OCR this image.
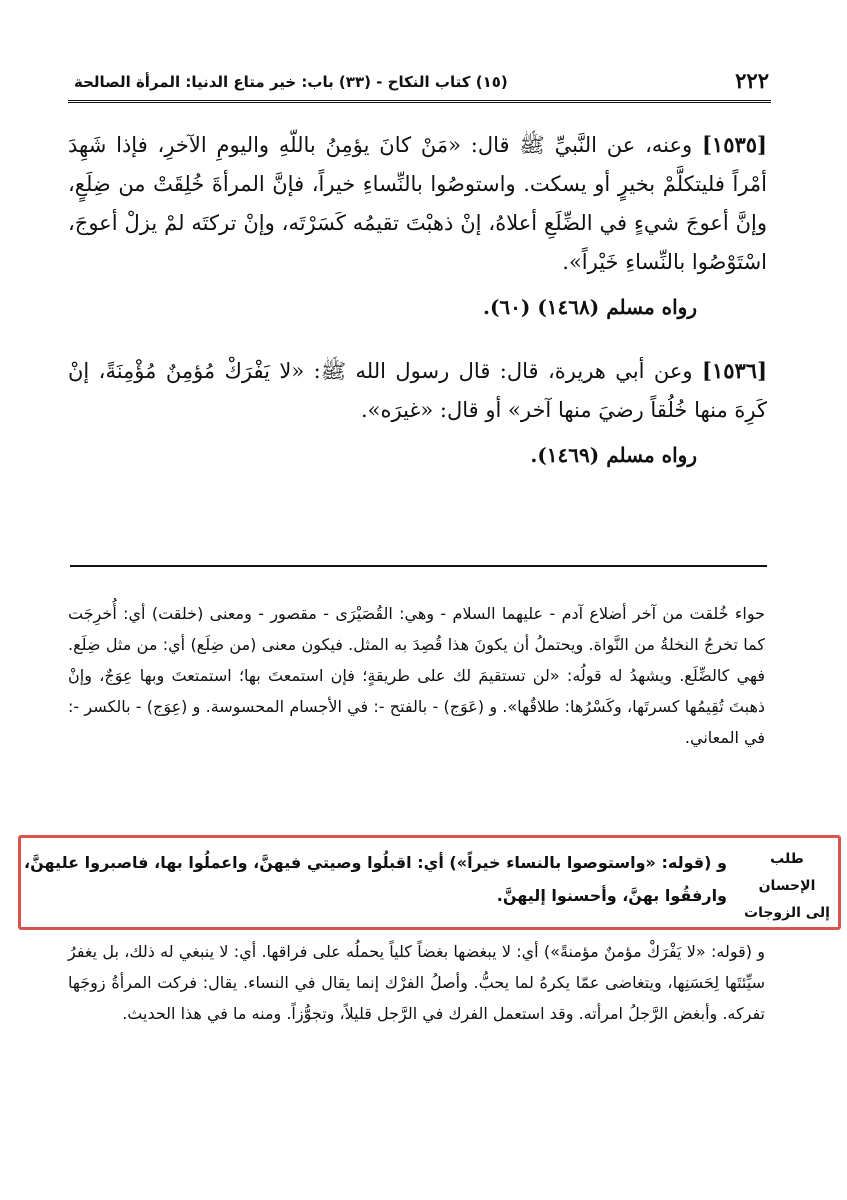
٢٢٢
(١٥) كتاب النكاح - (٣٣) باب: خير متاع الدنيا: المرأة الصالحة

[١٥٣٥] وعنه، عن النَّبيِّ ﷺ قال: «مَنْ كانَ يؤمِنُ باللّهِ واليومِ الآخرِ، فإذا شَهِدَ أمْراً فليتكلَّمْ بخيرٍ أو يسكت. واستوصُوا بالنِّساءِ خيراً، فإنَّ المرأةَ خُلِقَتْ من ضِلَعٍ، وإنَّ أعوجَ شيءٍ في الضِّلَعِ أعلاهُ، إنْ ذهبْتَ تقيمُه كَسَرْتَه، وإنْ تركتَه لمْ يزلْ أعوجَ، اسْتَوْصُوا بالنِّساءِ خَيْراً».

رواه مسلم (١٤٦٨) (٦٠).

[١٥٣٦] وعن أبي هريرة، قال: قال رسول الله ﷺ: «لا يَفْرَكْ مُؤمِنٌ مُؤْمِنَةً، إنْ كَرِهَ منها خُلُقاً رضيَ منها آخر» أو قال: «غيرَه».

رواه مسلم (١٤٦٩).

حواء خُلقت من آخر أضلاع آدم - عليهما السلام - وهي: القُصَيْرَى - مقصور - ومعنى (خلقت) أي: أُخرِجَت كما تخرجُ النخلةُ من النَّواة. ويحتملُ أن يكونَ هذا قُصِدَ به المثل. فيكون معنى (من ضِلَع) أي: من مثل ضِلَع. فهي كالضِّلَع. ويشهدُ له قولُه: «لن تستقيمَ لك على طريقةٍ؛ فإن استمعتَ بها؛ استمتعتَ وبها عِوَجٌ، وإنْ ذهبتَ تُقِيمُها كسرتَها، وكَسْرُها: طلاقُها». و (عَوَج) - بالفتح -: في الأجسام المحسوسة. و (عِوَج) - بالكسر -: في المعاني.

طلب الإحسان
إلى الزوجات
و (قوله: «واستوصوا بالنساء خيراً») أي: اقبلُوا وصيتي فيهنَّ، واعملُوا بها، فاصبروا عليهنَّ، وارفقُوا بهنَّ، وأحسنوا إليهنَّ.

و (قوله: «لا يَفْرَكْ مؤمنٌ مؤمنةً») أي: لا يبغضها بغضاً كلياً يحملُه على فراقها. أي: لا ينبغي له ذلك، بل يغفرُ سيِّئتَها لِحَسَنِها، ويتغاضى عمّا يكرهُ لما يحبُّ. وأصلُ الفرْك إنما يقال في النساء. يقال: فركت المرأةُ زوجَها تفركه. وأبغض الرَّجلُ امرأته. وقد استعمل الفرك في الرَّجل قليلاً، وتجوُّزاً. ومنه ما في هذا الحديث.
